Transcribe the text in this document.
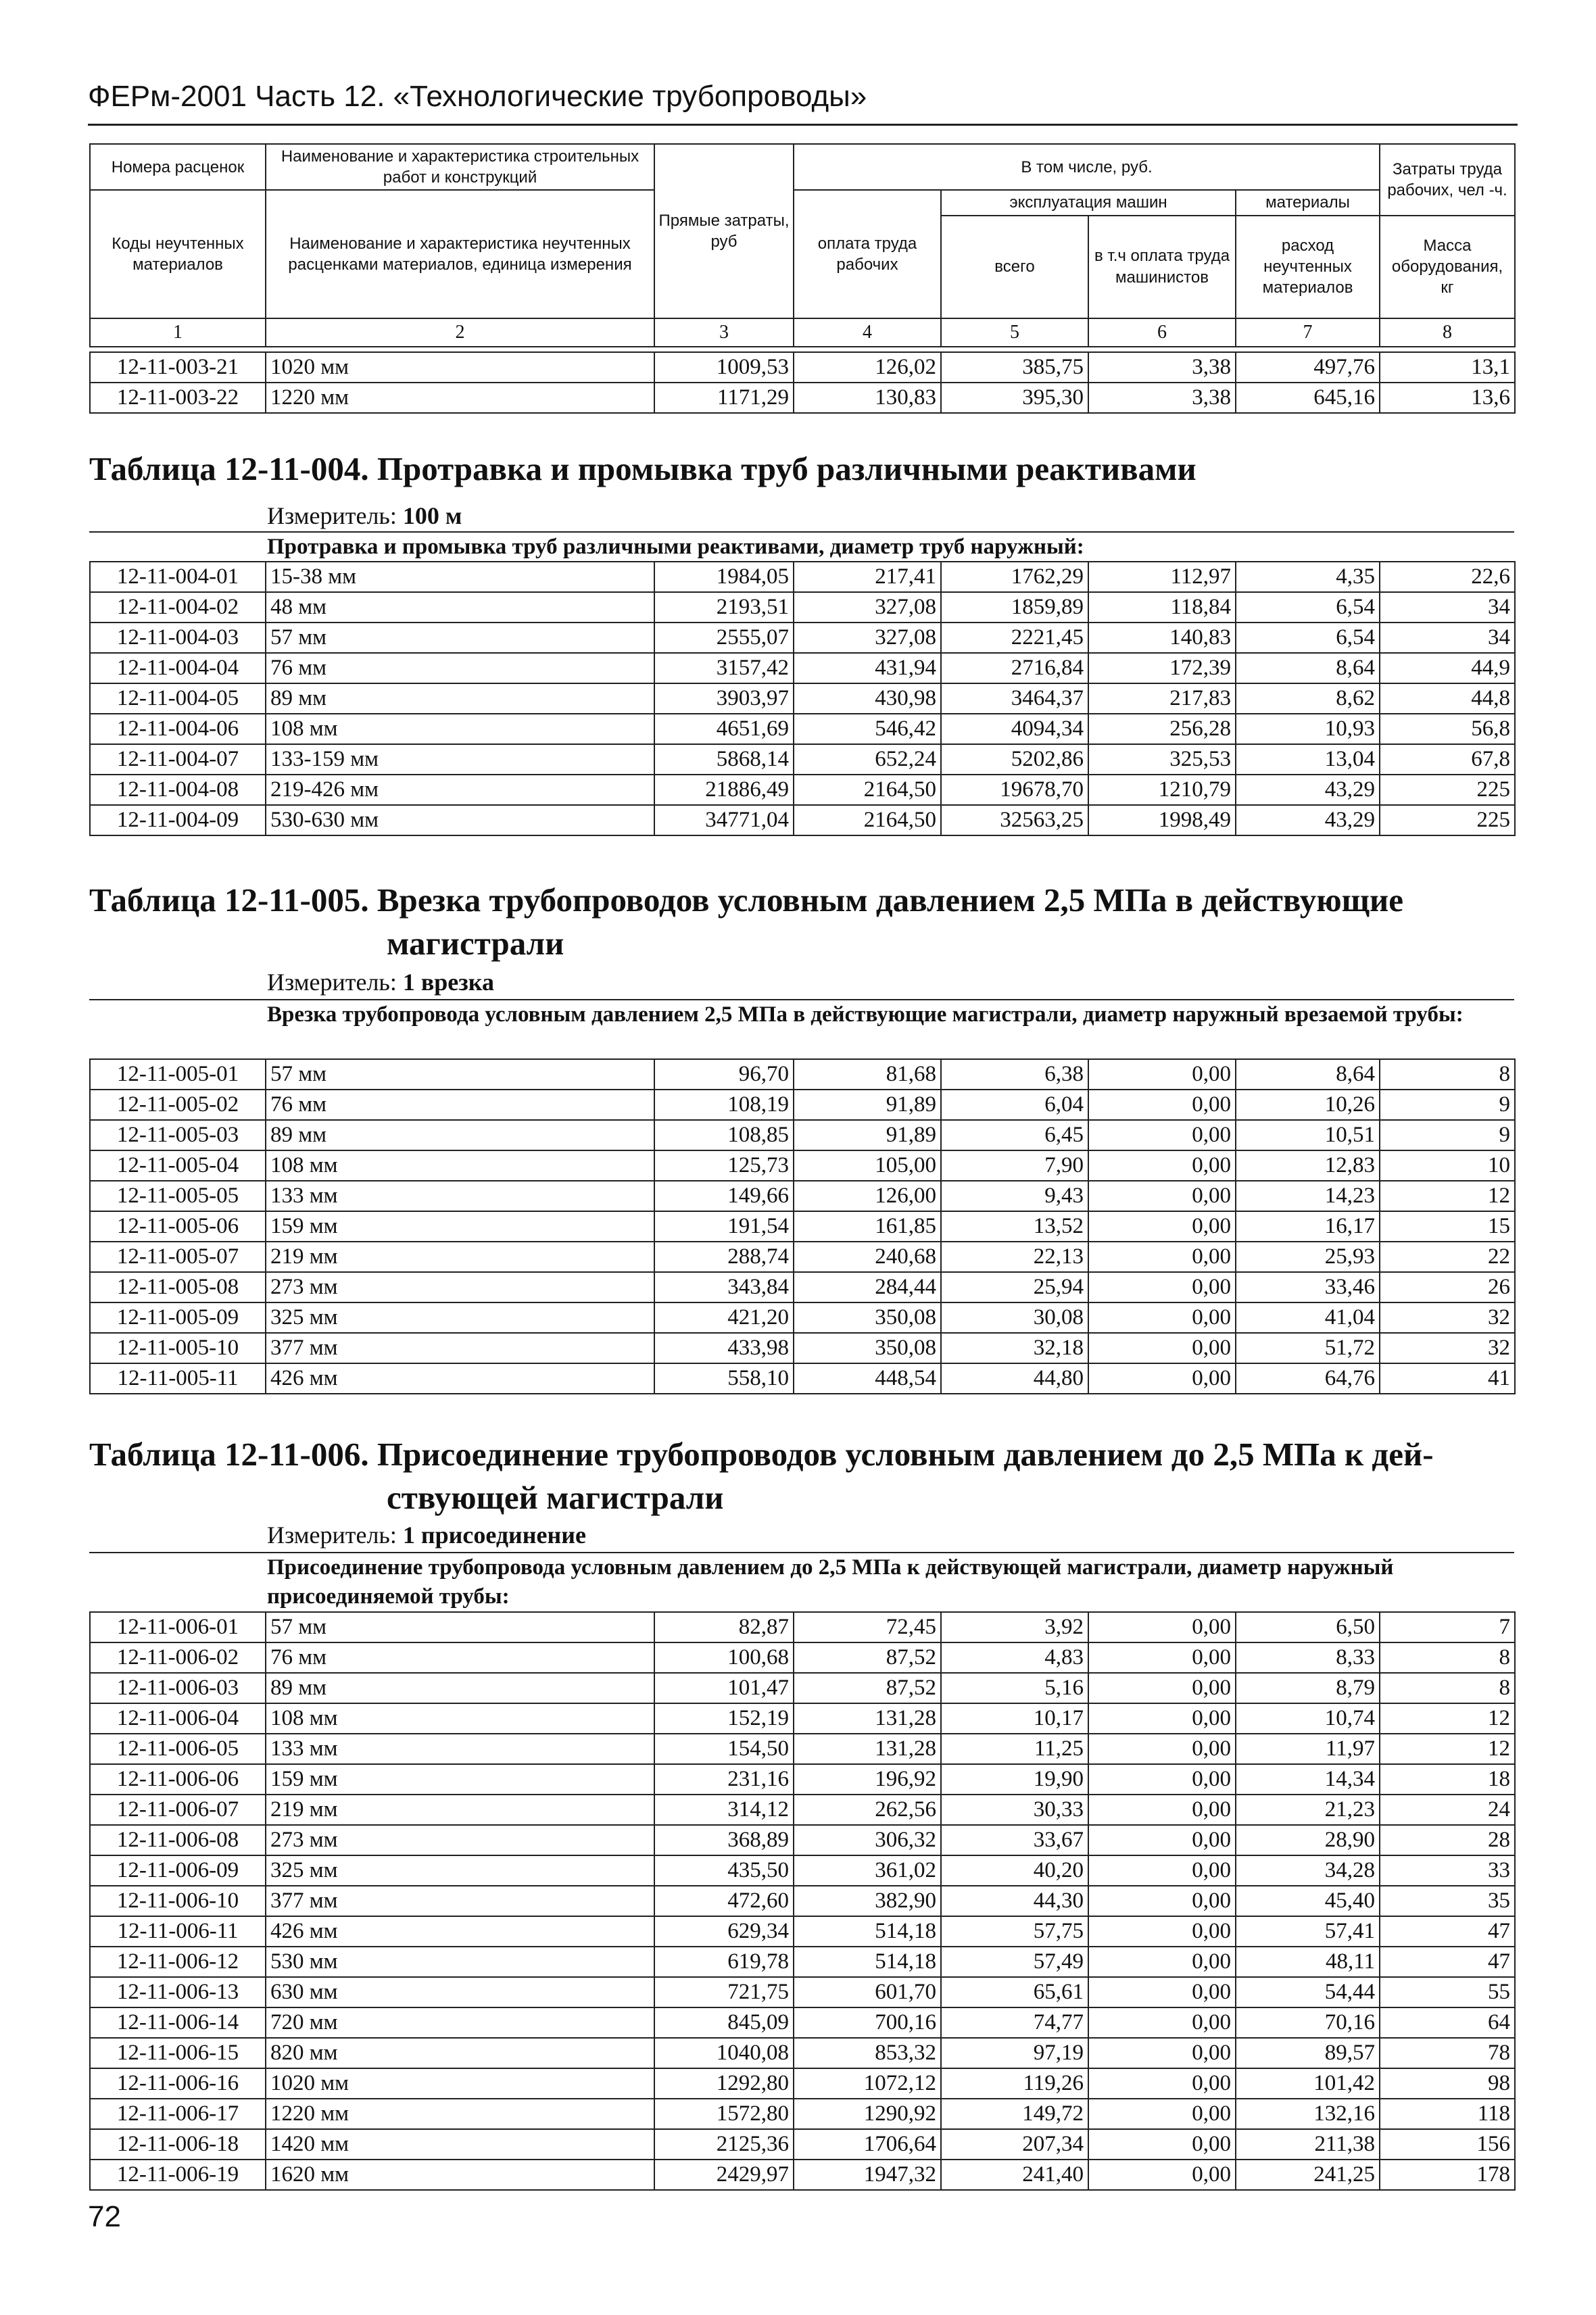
ФЕРм-2001 Часть 12. «Технологические трубопроводы»
Номера расценок	Наименование и характеристика строительных работ и конструкций	Прямые затраты, руб	В том числе, руб.				Затраты труда рабочих, чел -ч.
Коды неучтенных материалов	Наименование и характеристика неучтенных расценками материалов, единица измерения		оплата труда рабочих	эксплуатация машин		материалы	
				всего	в т.ч оплата труда машинистов	расход неучтенных материалов	Масса оборудования, кг
1	2	3	4	5	6	7	8
12-11-003-21	1020 мм	1009,53	126,02	385,75	3,38	497,76	13,1
12-11-003-22	1220 мм	1171,29	130,83	395,30	3,38	645,16	13,6
Таблица 12-11-004. Протравка и промывка труб различными реактивами
Измеритель: 100 м
Протравка и промывка труб различными реактивами, диаметр труб наружный:
12-11-004-01	15-38 мм	1984,05	217,41	1762,29	112,97	4,35	22,6
12-11-004-02	48 мм	2193,51	327,08	1859,89	118,84	6,54	34
12-11-004-03	57 мм	2555,07	327,08	2221,45	140,83	6,54	34
12-11-004-04	76 мм	3157,42	431,94	2716,84	172,39	8,64	44,9
12-11-004-05	89 мм	3903,97	430,98	3464,37	217,83	8,62	44,8
12-11-004-06	108 мм	4651,69	546,42	4094,34	256,28	10,93	56,8
12-11-004-07	133-159 мм	5868,14	652,24	5202,86	325,53	13,04	67,8
12-11-004-08	219-426 мм	21886,49	2164,50	19678,70	1210,79	43,29	225
12-11-004-09	530-630 мм	34771,04	2164,50	32563,25	1998,49	43,29	225
Таблица 12-11-005. Врезка трубопроводов условным давлением 2,5 МПа в действующие
магистрали
Измеритель: 1 врезка
Врезка трубопровода условным давлением 2,5 МПа в действующие магистрали, диаметр наружный врезаемой трубы:
12-11-005-01	57 мм	96,70	81,68	6,38	0,00	8,64	8
12-11-005-02	76 мм	108,19	91,89	6,04	0,00	10,26	9
12-11-005-03	89 мм	108,85	91,89	6,45	0,00	10,51	9
12-11-005-04	108 мм	125,73	105,00	7,90	0,00	12,83	10
12-11-005-05	133 мм	149,66	126,00	9,43	0,00	14,23	12
12-11-005-06	159 мм	191,54	161,85	13,52	0,00	16,17	15
12-11-005-07	219 мм	288,74	240,68	22,13	0,00	25,93	22
12-11-005-08	273 мм	343,84	284,44	25,94	0,00	33,46	26
12-11-005-09	325 мм	421,20	350,08	30,08	0,00	41,04	32
12-11-005-10	377 мм	433,98	350,08	32,18	0,00	51,72	32
12-11-005-11	426 мм	558,10	448,54	44,80	0,00	64,76	41
Таблица 12-11-006. Присоединение трубопроводов условным давлением до 2,5 МПа к дей-
ствующей магистрали
Измеритель: 1 присоединение
Присоединение трубопровода условным давлением до 2,5 МПа к действующей магистрали, диаметр наружный присоединяемой трубы:
12-11-006-01	57 мм	82,87	72,45	3,92	0,00	6,50	7
12-11-006-02	76 мм	100,68	87,52	4,83	0,00	8,33	8
12-11-006-03	89 мм	101,47	87,52	5,16	0,00	8,79	8
12-11-006-04	108 мм	152,19	131,28	10,17	0,00	10,74	12
12-11-006-05	133 мм	154,50	131,28	11,25	0,00	11,97	12
12-11-006-06	159 мм	231,16	196,92	19,90	0,00	14,34	18
12-11-006-07	219 мм	314,12	262,56	30,33	0,00	21,23	24
12-11-006-08	273 мм	368,89	306,32	33,67	0,00	28,90	28
12-11-006-09	325 мм	435,50	361,02	40,20	0,00	34,28	33
12-11-006-10	377 мм	472,60	382,90	44,30	0,00	45,40	35
12-11-006-11	426 мм	629,34	514,18	57,75	0,00	57,41	47
12-11-006-12	530 мм	619,78	514,18	57,49	0,00	48,11	47
12-11-006-13	630 мм	721,75	601,70	65,61	0,00	54,44	55
12-11-006-14	720 мм	845,09	700,16	74,77	0,00	70,16	64
12-11-006-15	820 мм	1040,08	853,32	97,19	0,00	89,57	78
12-11-006-16	1020 мм	1292,80	1072,12	119,26	0,00	101,42	98
12-11-006-17	1220 мм	1572,80	1290,92	149,72	0,00	132,16	118
12-11-006-18	1420 мм	2125,36	1706,64	207,34	0,00	211,38	156
12-11-006-19	1620 мм	2429,97	1947,32	241,40	0,00	241,25	178
72
